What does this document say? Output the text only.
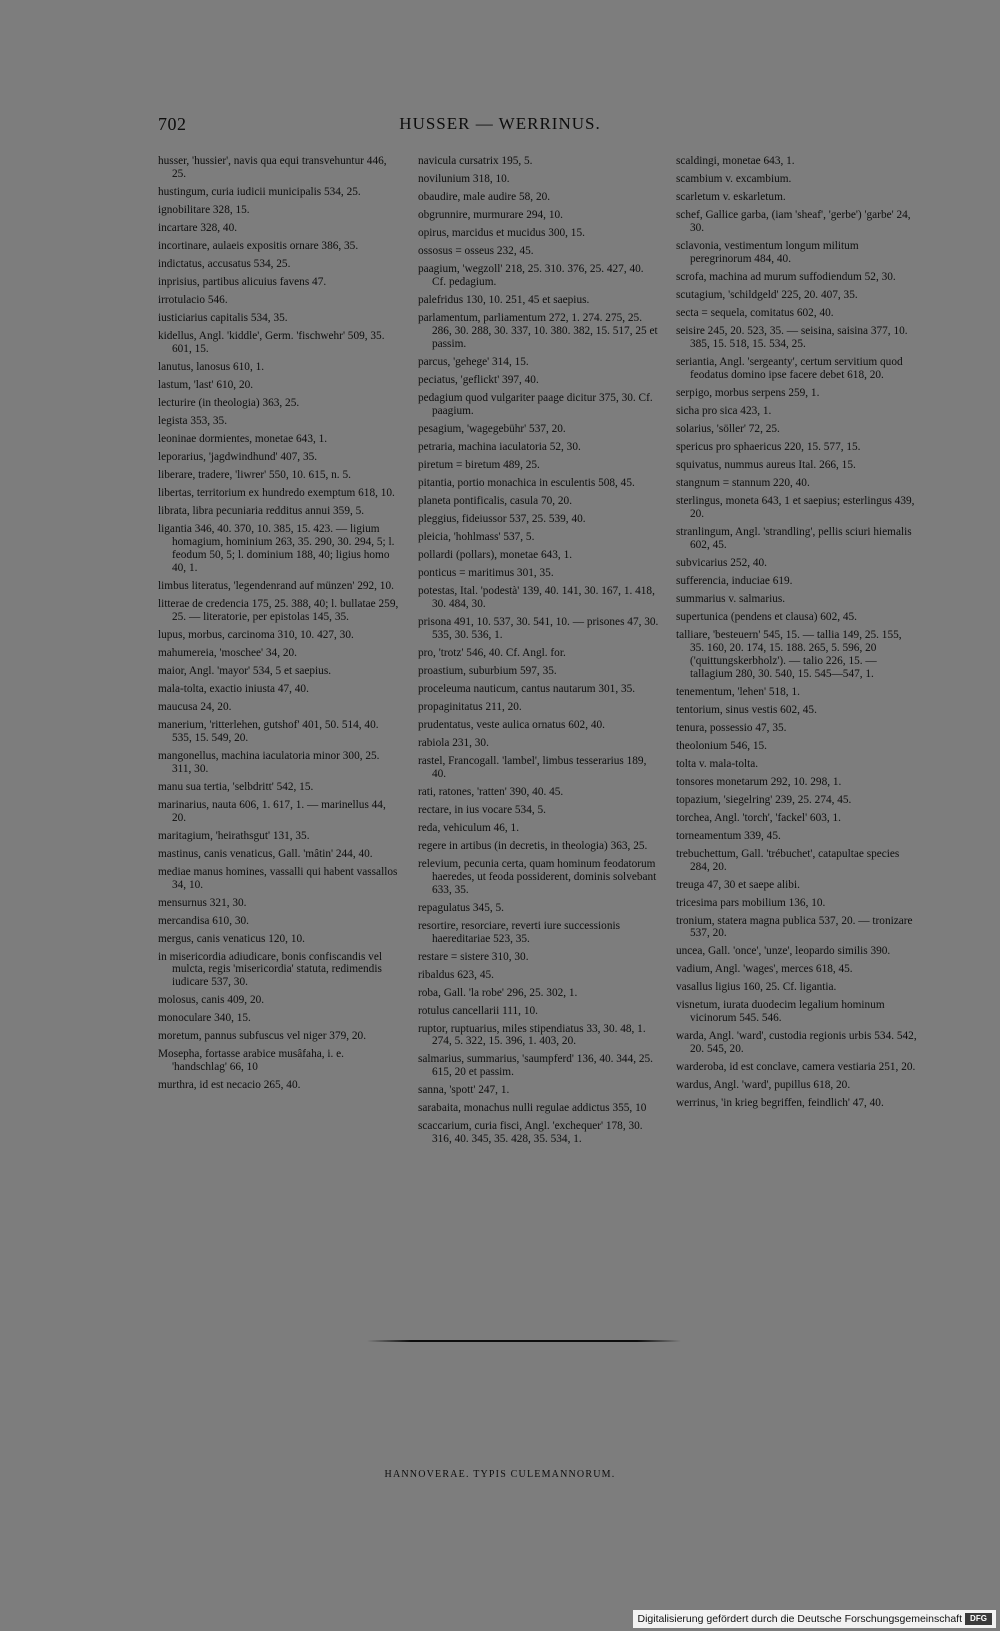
702	HUSSER — WERRINUS.
husser, 'hussier', navis qua equi transvehuntur 446, 25.
hustingum, curia iudicii municipalis 534, 25.
ignobilitare 328, 15.
incartare 328, 40.
incortinare, aulaeis expositis ornare 386, 35.
indictatus, accusatus 534, 25.
inprisius, partibus alicuius favens 47.
irrotulacio 546.
iusticiarius capitalis 534, 35.
kidellus, Angl. 'kiddle', Germ. 'fischwehr' 509, 35. 601, 15.
lanutus, lanosus 610, 1.
lastum, 'last' 610, 20.
lecturire (in theologia) 363, 25.
legista 353, 35.
leoninae dormientes, monetae 643, 1.
leporarius, 'jagdwindhund' 407, 35.
liberare, tradere, 'liwrer' 550, 10. 615, n. 5.
libertas, territorium ex hundredo exemptum 618, 10.
librata, libra pecuniaria redditus annui 359, 5.
ligantia 346, 40. 370, 10. 385, 15. 423. — ligium homagium, hominium 263, 35. 290, 30. 294, 5; l. feodum 50, 5; l. dominium 188, 40; ligius homo 40, 1.
limbus literatus, 'legendenrand auf münzen' 292, 10.
litterae de credencia 175, 25. 388, 40; l. bullatae 259, 25. — literatorie, per epistolas 145, 35.
lupus, morbus, carcinoma 310, 10. 427, 30.
mahumereia, 'moschee' 34, 20.
maior, Angl. 'mayor' 534, 5 et saepius.
mala-tolta, exactio iniusta 47, 40.
maucusa 24, 20.
manerium, 'ritterlehen, gutshof' 401, 50. 514, 40. 535, 15. 549, 20.
mangonellus, machina iaculatoria minor 300, 25. 311, 30.
manu sua tertia, 'selbdritt' 542, 15.
marinarius, nauta 606, 1. 617, 1. — marinellus 44, 20.
maritagium, 'heirathsgut' 131, 35.
mastinus, canis venaticus, Gall. 'mâtin' 244, 40.
mediae manus homines, vassalli qui habent vassallos 34, 10.
mensurnus 321, 30.
mercandisa 610, 30.
mergus, canis venaticus 120, 10.
in misericordia adiudicare, bonis confiscandis vel mulcta, regis 'misericordia' statuta, redimendis iudicare 537, 30.
molosus, canis 409, 20.
monoculare 340, 15.
moretum, pannus subfuscus vel niger 379, 20.
Mosepha, fortasse arabice musâfaha, i. e. 'handschlag' 66, 10
murthra, id est necacio 265, 40.
navicula cursatrix 195, 5.
novilunium 318, 10.
obaudire, male audire 58, 20.
obgrunnire, murmurare 294, 10.
opirus, marcidus et mucidus 300, 15.
ossosus = osseus 232, 45.
paagium, 'wegzoll' 218, 25. 310. 376, 25. 427, 40. Cf. pedagium.
palefridus 130, 10. 251, 45 et saepius.
parlamentum, parliamentum 272, 1. 274. 275, 25. 286, 30. 288, 30. 337, 10. 380. 382, 15. 517, 25 et passim.
parcus, 'gehege' 314, 15.
peciatus, 'geflickt' 397, 40.
pedagium quod vulgariter paage dicitur 375, 30. Cf. paagium.
pesagium, 'wagegebühr' 537, 20.
petraria, machina iaculatoria 52, 30.
piretum = biretum 489, 25.
pitantia, portio monachica in esculentis 508, 45.
planeta pontificalis, casula 70, 20.
pleggius, fideiussor 537, 25. 539, 40.
pleicia, 'hohlmass' 537, 5.
pollardi (pollars), monetae 643, 1.
ponticus = maritimus 301, 35.
potestas, Ital. 'podestà' 139, 40. 141, 30. 167, 1. 418, 30. 484, 30.
prisona 491, 10. 537, 30. 541, 10. — prisones 47, 30. 535, 30. 536, 1.
pro, 'trotz' 546, 40. Cf. Angl. for.
proastium, suburbium 597, 35.
proceleuma nauticum, cantus nautarum 301, 35.
propaginitatus 211, 20.
prudentatus, veste aulica ornatus 602, 40.
rabiola 231, 30.
rastel, Francogall. 'lambel', limbus tesserarius 189, 40.
rati, ratones, 'ratten' 390, 40. 45.
rectare, in ius vocare 534, 5.
reda, vehiculum 46, 1.
regere in artibus (in decretis, in theologia) 363, 25.
relevium, pecunia certa, quam hominum feodatorum haeredes, ut feoda possiderent, dominis solvebant 633, 35.
repagulatus 345, 5.
resortire, resorciare, reverti iure successionis haereditariae 523, 35.
restare = sistere 310, 30.
ribaldus 623, 45.
roba, Gall. 'la robe' 296, 25. 302, 1.
rotulus cancellarii 111, 10.
ruptor, ruptuarius, miles stipendiatus 33, 30. 48, 1. 274, 5. 322, 15. 396, 1. 403, 20.
salmarius, summarius, 'saumpferd' 136, 40. 344, 25. 615, 20 et passim.
sanna, 'spott' 247, 1.
sarabaita, monachus nulli regulae addictus 355, 10
scaccarium, curia fisci, Angl. 'exchequer' 178, 30. 316, 40. 345, 35. 428, 35. 534, 1.
scaldingi, monetae 643, 1.
scambium v. excambium.
scarletum v. eskarletum.
schef, Gallice garba, (iam 'sheaf', 'gerbe') 'garbe' 24, 30.
sclavonia, vestimentum longum militum peregrinorum 484, 40.
scrofa, machina ad murum suffodiendum 52, 30.
scutagium, 'schildgeld' 225, 20. 407, 35.
secta = sequela, comitatus 602, 40.
seisire 245, 20. 523, 35. — seisina, saisina 377, 10. 385, 15. 518, 15. 534, 25.
seriantia, Angl. 'sergeanty', certum servitium quod feodatus domino ipse facere debet 618, 20.
serpigo, morbus serpens 259, 1.
sicha pro sica 423, 1.
solarius, 'söller' 72, 25.
spericus pro sphaericus 220, 15. 577, 15.
squivatus, nummus aureus Ital. 266, 15.
stangnum = stannum 220, 40.
sterlingus, moneta 643, 1 et saepius; esterlingus 439, 20.
stranlingum, Angl. 'strandling', pellis sciuri hiemalis 602, 45.
subvicarius 252, 40.
sufferencia, induciae 619.
summarius v. salmarius.
supertunica (pendens et clausa) 602, 45.
talliare, 'besteuern' 545, 15. — tallia 149, 25. 155, 35. 160, 20. 174, 15. 188. 265, 5. 596, 20 ('quittungskerbholz'). — talio 226, 15. — tallagium 280, 30. 540, 15. 545—547, 1.
tenementum, 'lehen' 518, 1.
tentorium, sinus vestis 602, 45.
tenura, possessio 47, 35.
theolonium 546, 15.
tolta v. mala-tolta.
tonsores monetarum 292, 10. 298, 1.
topazium, 'siegelring' 239, 25. 274, 45.
torchea, Angl. 'torch', 'fackel' 603, 1.
torneamentum 339, 45.
trebuchettum, Gall. 'trébuchet', catapultae species 284, 20.
treuga 47, 30 et saepe alibi.
tricesima pars mobilium 136, 10.
tronium, statera magna publica 537, 20. — tronizare 537, 20.
uncea, Gall. 'once', 'unze', leopardo similis 390.
vadium, Angl. 'wages', merces 618, 45.
vasallus ligius 160, 25. Cf. ligantia.
visnetum, iurata duodecim legalium hominum vicinorum 545. 546.
warda, Angl. 'ward', custodia regionis urbis 534. 542, 20. 545, 20.
warderoba, id est conclave, camera vestiaria 251, 20.
wardus, Angl. 'ward', pupillus 618, 20.
werrinus, 'in krieg begriffen, feindlich' 47, 40.
HANNOVERAE. TYPIS CULEMANNORUM.
Digitalisierung gefördert durch die Deutsche Forschungsgemeinschaft	DFG
